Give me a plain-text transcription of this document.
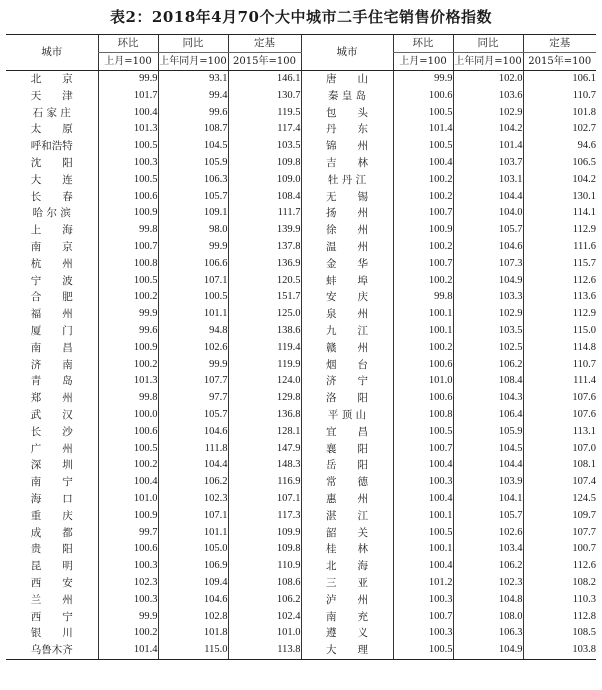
表2：2018年4月70个大中城市二手住宅销售价格指数
城市	环比	同比	定基	城市	环比	同比	定基
	上月=100	上年同月=100	2015年=100		上月=100	上年同月=100	2015年=100
北　　京	99.9	93.1	146.1	唐　　山	99.9	102.0	106.1
天　　津	101.7	99.4	130.7	秦 皇 岛	100.6	103.6	110.7
石 家 庄	100.4	99.6	119.5	包　　头	100.5	102.9	101.8
太　　原	101.3	108.7	117.4	丹　　东	101.4	104.2	102.7
呼和浩特	100.5	104.5	103.5	锦　　州	100.5	101.4	94.6
沈　　阳	100.3	105.9	109.8	吉　　林	100.4	103.7	106.5
大　　连	100.5	106.3	109.0	牡 丹 江	100.2	103.1	104.2
长　　春	100.6	105.7	108.4	无　　锡	100.2	104.4	130.1
哈 尔 滨	100.9	109.1	111.7	扬　　州	100.7	104.0	114.1
上　　海	99.8	98.0	139.9	徐　　州	100.9	105.7	112.9
南　　京	100.7	99.9	137.8	温　　州	100.2	104.6	111.6
杭　　州	100.8	106.6	136.9	金　　华	100.7	107.3	115.7
宁　　波	100.5	107.1	120.5	蚌　　埠	100.2	104.9	112.6
合　　肥	100.2	100.5	151.7	安　　庆	99.8	103.3	113.6
福　　州	99.9	101.1	125.0	泉　　州	100.1	102.9	112.9
厦　　门	99.6	94.8	138.6	九　　江	100.1	103.5	115.0
南　　昌	100.9	102.6	119.4	赣　　州	100.2	102.5	114.8
济　　南	100.2	99.9	119.9	烟　　台	100.6	106.2	110.7
青　　岛	101.3	107.7	124.0	济　　宁	101.0	108.4	111.4
郑　　州	99.8	97.7	129.8	洛　　阳	100.6	104.3	107.6
武　　汉	100.0	105.7	136.8	平 顶 山	100.8	106.4	107.6
长　　沙	100.6	104.6	128.1	宜　　昌	100.5	105.9	113.1
广　　州	100.5	111.8	147.9	襄　　阳	100.7	104.5	107.0
深　　圳	100.2	104.4	148.3	岳　　阳	100.4	104.4	108.1
南　　宁	100.4	106.2	116.9	常　　德	100.3	103.9	107.4
海　　口	101.0	102.3	107.1	惠　　州	100.4	104.1	124.5
重　　庆	100.9	107.1	117.3	湛　　江	100.1	105.7	109.7
成　　都	99.7	101.1	109.9	韶　　关	100.5	102.6	107.7
贵　　阳	100.6	105.0	109.8	桂　　林	100.1	103.4	100.7
昆　　明	100.3	106.9	110.9	北　　海	100.4	106.2	112.6
西　　安	102.3	109.4	108.6	三　　亚	101.2	102.3	108.2
兰　　州	100.3	104.6	106.2	泸　　州	100.3	104.8	110.3
西　　宁	99.9	102.8	102.4	南　　充	100.7	108.0	112.8
银　　川	100.2	101.8	101.0	遵　　义	100.3	106.3	108.5
乌鲁木齐	101.4	115.0	113.8	大　　理	100.5	104.9	103.8
